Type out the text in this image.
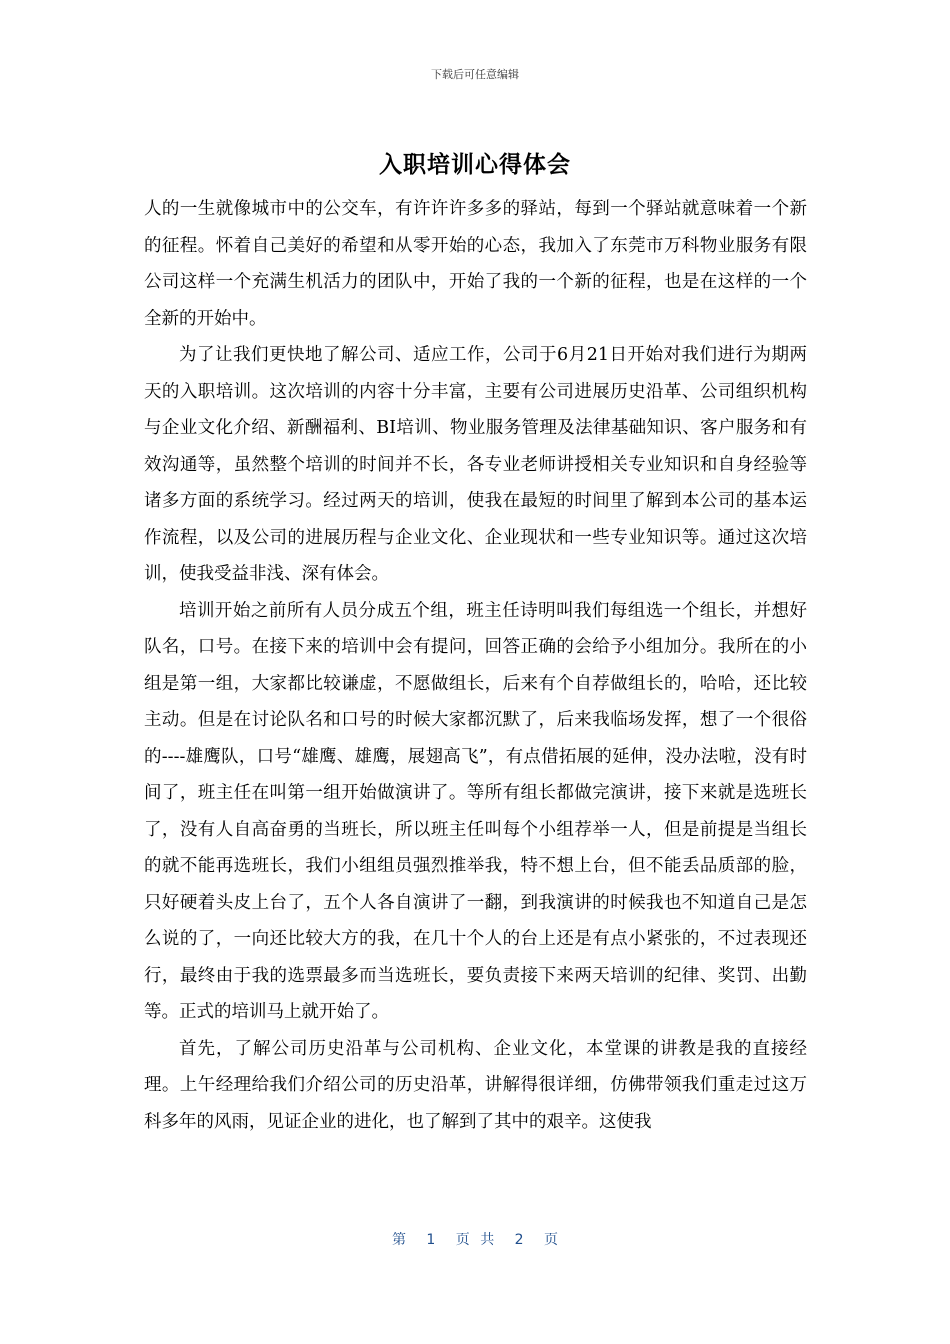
下载后可任意编辑
入职培训心得体会

人的一生就像城市中的公交车，有许许许多多的驿站，每到一个驿站就意味着一个新的征程。怀着自己美好的希望和从零开始的心态，我加入了东莞市万科物业服务有限公司这样一个充满生机活力的团队中，开始了我的一个新的征程，也是在这样的一个全新的开始中。

为了让我们更快地了解公司、适应工作，公司于6月21日开始对我们进行为期两天的入职培训。这次培训的内容十分丰富，主要有公司进展历史沿革、公司组织机构与企业文化介绍、新酬福利、BI培训、物业服务管理及法律基础知识、客户服务和有效沟通等，虽然整个培训的时间并不长，各专业老师讲授相关专业知识和自身经验等诸多方面的系统学习。经过两天的培训，使我在最短的时间里了解到本公司的基本运作流程，以及公司的进展历程与企业文化、企业现状和一些专业知识等。通过这次培训，使我受益非浅、深有体会。

培训开始之前所有人员分成五个组，班主任诗明叫我们每组选一个组长，并想好队名，口号。在接下来的培训中会有提问，回答正确的会给予小组加分。我所在的小组是第一组，大家都比较谦虚，不愿做组长，后来有个自荐做组长的，哈哈，还比较主动。但是在讨论队名和口号的时候大家都沉默了，后来我临场发挥，想了一个很俗的----雄鹰队，口号“雄鹰、雄鹰，展翅高飞”，有点借拓展的延伸，没办法啦，没有时间了，班主任在叫第一组开始做演讲了。等所有组长都做完演讲，接下来就是选班长了，没有人自高奋勇的当班长，所以班主任叫每个小组荐举一人，但是前提是当组长的就不能再选班长，我们小组组员强烈推举我，特不想上台，但不能丢品质部的脸，只好硬着头皮上台了，五个人各自演讲了一翻，到我演讲的时候我也不知道自己是怎么说的了，一向还比较大方的我，在几十个人的台上还是有点小紧张的，不过表现还行，最终由于我的选票最多而当选班长，要负责接下来两天培训的纪律、奖罚、出勤等。正式的培训马上就开始了。

首先，了解公司历史沿革与公司机构、企业文化，本堂课的讲教是我的直接经理。上午经理给我们介绍公司的历史沿革，讲解得很详细，仿佛带领我们重走过这万科多年的风雨，见证企业的进化，也了解到了其中的艰辛。这使我

第 1 页 共 2 页
